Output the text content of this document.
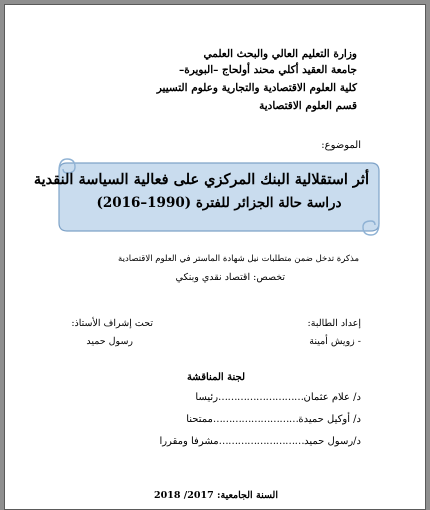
وزارة التعليم العالي والبحث العلمي
جامعة العقيد أكلي محند أولحاج –البويرة–
كلية العلوم الاقتصادية والتجارية وعلوم التسيير
قسم العلوم الاقتصادية
الموضوع:
أثر استقلالية البنك المركزي على فعالية السياسة النقدية
دراسة حالة الجزائر للفترة (1990–2016)
مذكرة تدخل ضمن متطلبات نيل شهادة الماستر في العلوم الاقتصادية
تخصص: اقتصاد نقدي وبنكي
إعداد الطالبة:
تحت إشراف الأستاذ:
- زويش أمينة
رسول حميد
لجنة المناقشة
د/ علام عثمان………………………رئيسا
د/ أوكيل حميدة………………………ممتحنا
د/رسول حميد………………………مشرفا ومقررا
السنة الجامعية: 2017/ 2018
